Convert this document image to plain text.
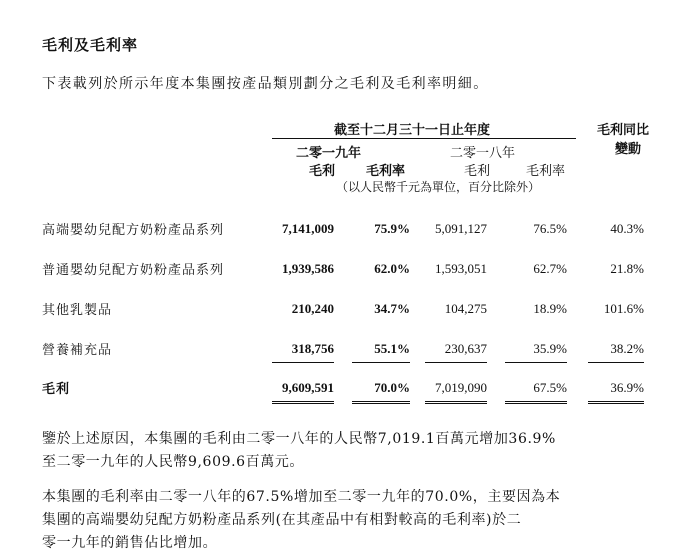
毛利及毛利率
下表載列於所示年度本集團按產品類別劃分之毛利及毛利率明細。
截至十二月三十一日止年度	毛利同比
變動
二零一九年	二零一八年
毛利 毛利率	毛利	毛利率
（以人民幣千元為單位，百分比除外）
高端嬰幼兒配方奶粉產品系列	7,141,009	75.9% 5,091,127	76.5%	40.3%
普通嬰幼兒配方奶粉產品系列	1,939,586	62.0% 1,593,051	62.7%	21.8%
其他乳製品	210,240	34.7%	104,275	18.9%	101.6%
營養補充品	318,756	55.1%	230,637	35.9%	38.2%
毛利	9,609,591	70.0% 7,019,090	67.5%	36.9%
鑒於上述原因，本集團的毛利由二零一八年的人民幣7,019.1百萬元增加36.9%
至二零一九年的人民幣9,609.6百萬元。
本集團的毛利率由二零一八年的67.5%增加至二零一九年的70.0%，主要因為本
集團的高端嬰幼兒配方奶粉產品系列(在其產品中有相對較高的毛利率)於二
零一九年的銷售佔比增加。
